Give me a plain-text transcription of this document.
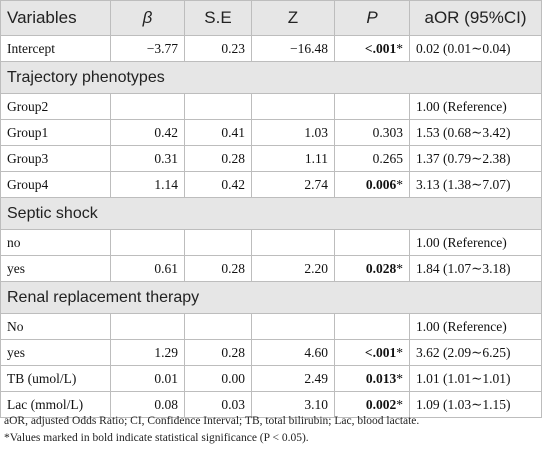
Variables	β	S.E	Z	P	aOR (95%CI)
Intercept	−3.77	0.23	−16.48	<.001*	0.02 (0.01∼0.04)
Trajectory phenotypes					
Group2					1.00 (Reference)
Group1	0.42	0.41	1.03	0.303	1.53 (0.68∼3.42)
Group3	0.31	0.28	1.11	0.265	1.37 (0.79∼2.38)
Group4	1.14	0.42	2.74	0.006*	3.13 (1.38∼7.07)
Septic shock					
no					1.00 (Reference)
yes	0.61	0.28	2.20	0.028*	1.84 (1.07∼3.18)
Renal replacement therapy					
No					1.00 (Reference)
yes	1.29	0.28	4.60	<.001*	3.62 (2.09∼6.25)
TB (umol/L)	0.01	0.00	2.49	0.013*	1.01 (1.01∼1.01)
Lac (mmol/L)	0.08	0.03	3.10	0.002*	1.09 (1.03∼1.15)
aOR, adjusted Odds Ratio; CI, Confidence Interval; TB, total bilirubin; Lac, blood lactate.
*Values marked in bold indicate statistical significance (P < 0.05).
